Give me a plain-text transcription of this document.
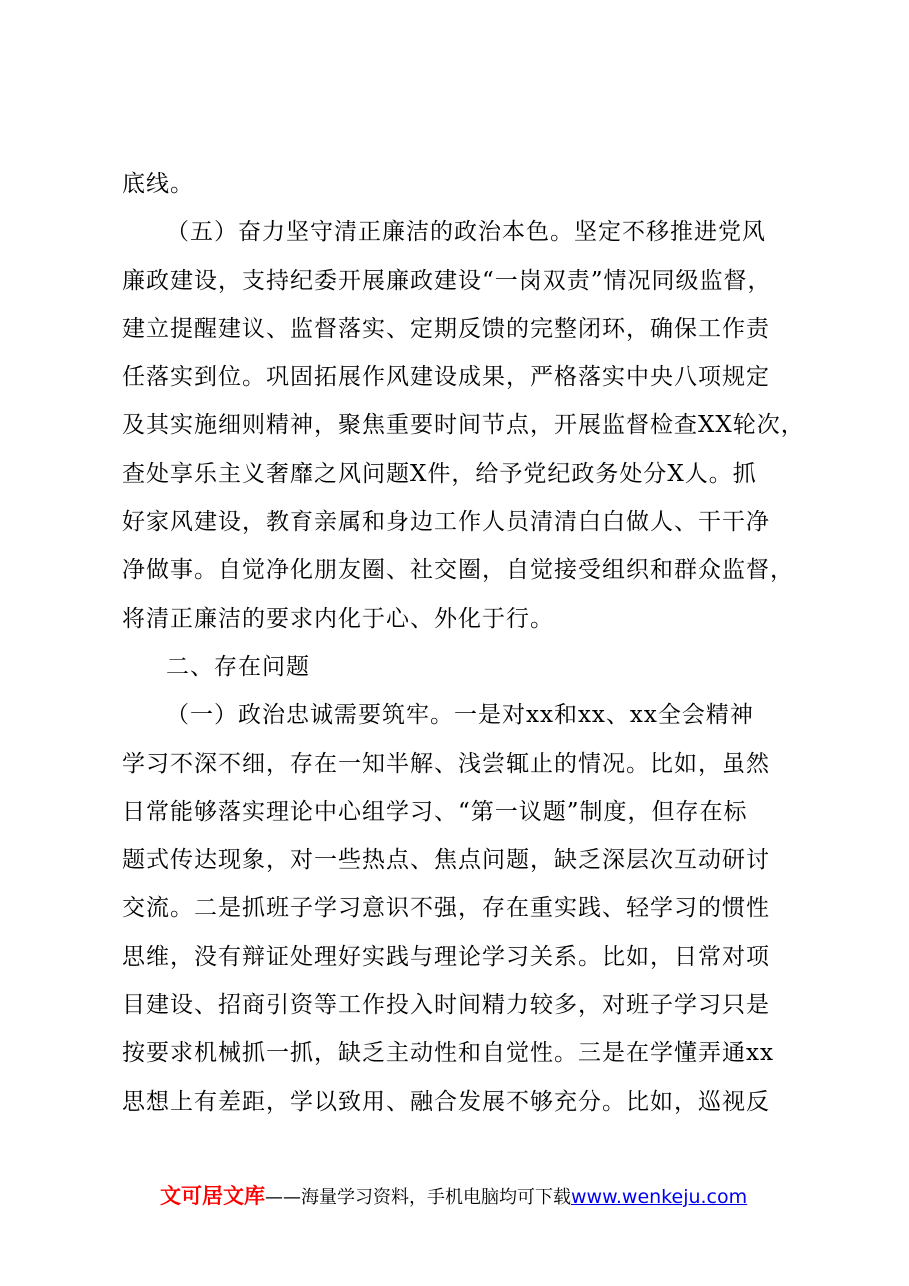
底线。
（五）奋力坚守清正廉洁的政治本色。坚定不移推进党风
廉政建设，支持纪委开展廉政建设“一岗双责”情况同级监督，
建立提醒建议、监督落实、定期反馈的完整闭环，确保工作责
任落实到位。巩固拓展作风建设成果，严格落实中央八项规定
及其实施细则精神，聚焦重要时间节点，开展监督检查XX轮次，
查处享乐主义奢靡之风问题X件，给予党纪政务处分X人。抓
好家风建设，教育亲属和身边工作人员清清白白做人、干干净
净做事。自觉净化朋友圈、社交圈，自觉接受组织和群众监督，
将清正廉洁的要求内化于心、外化于行。
二、存在问题
（一）政治忠诚需要筑牢。一是对xx和xx、xx全会精神
学习不深不细，存在一知半解、浅尝辄止的情况。比如，虽然
日常能够落实理论中心组学习、“第一议题”制度，但存在标
题式传达现象，对一些热点、焦点问题，缺乏深层次互动研讨
交流。二是抓班子学习意识不强，存在重实践、轻学习的惯性
思维，没有辩证处理好实践与理论学习关系。比如，日常对项
目建设、招商引资等工作投入时间精力较多，对班子学习只是
按要求机械抓一抓，缺乏主动性和自觉性。三是在学懂弄通xx
思想上有差距，学以致用、融合发展不够充分。比如，巡视反
文可居文库——海量学习资料，手机电脑均可下载www.wenkeju.com
